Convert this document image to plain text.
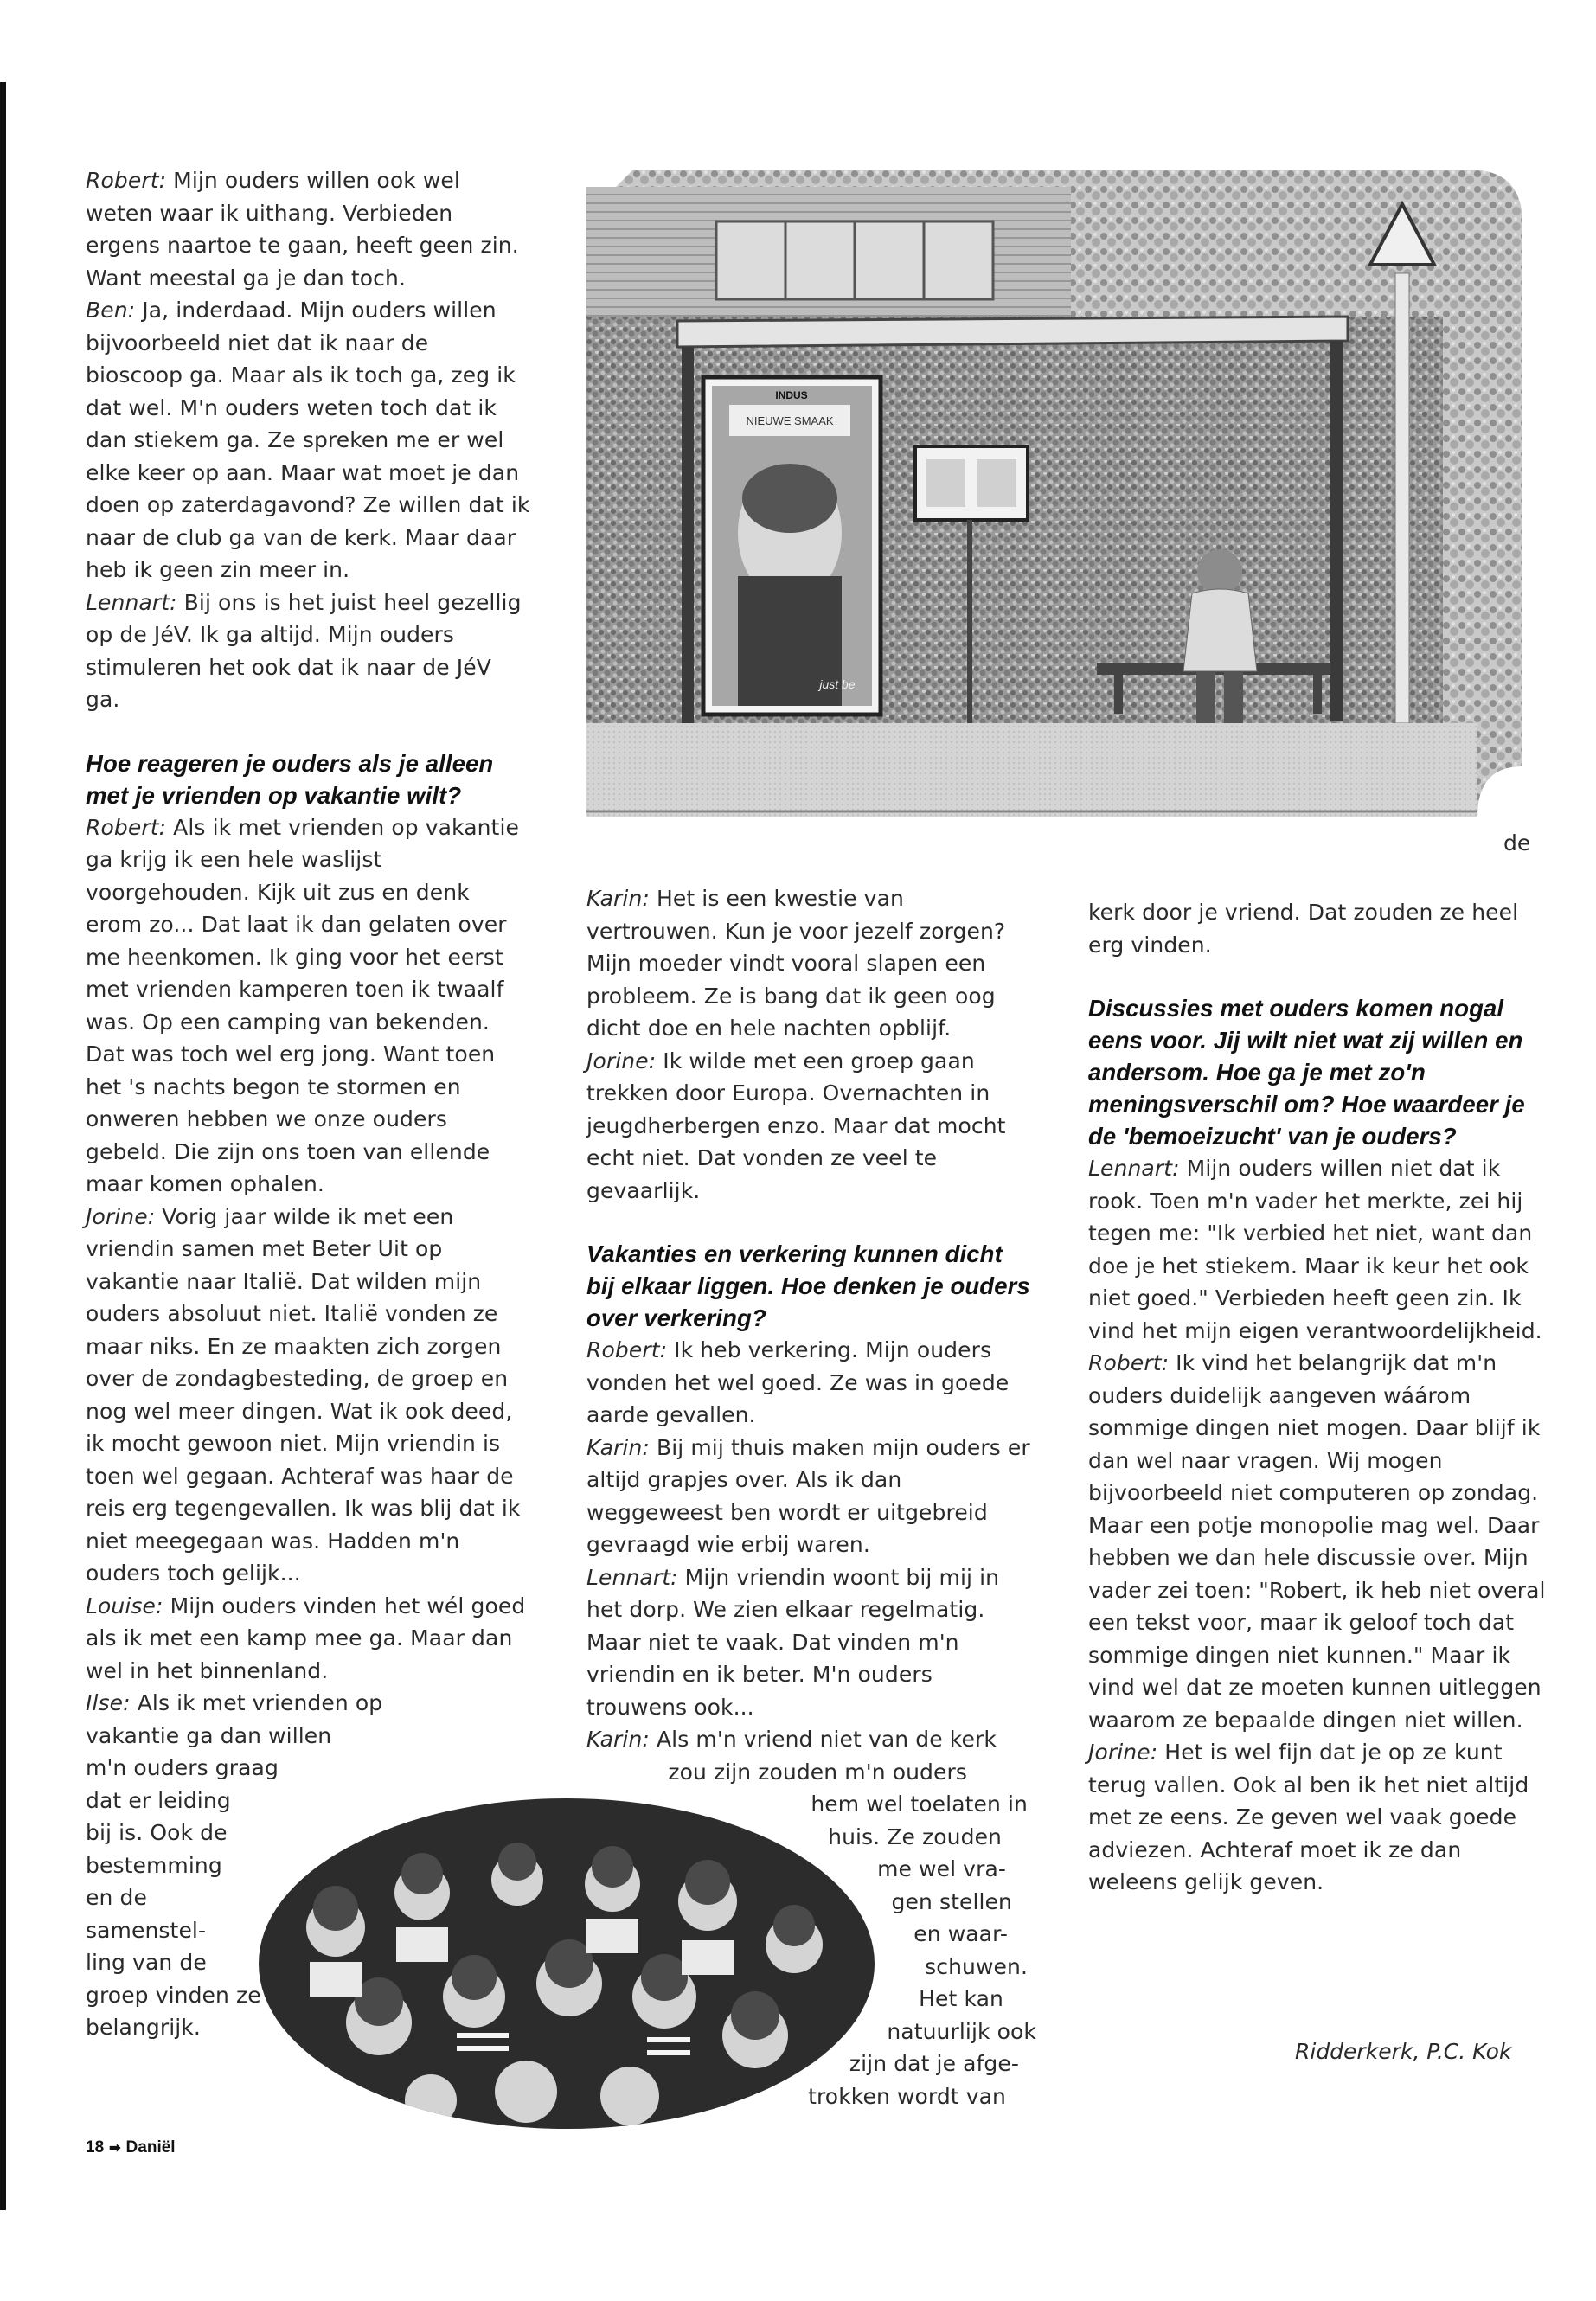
INDUS
NIEUWE SMAAK
just be

Robert: Mijn ouders willen ook wel weten waar ik uithang. Verbieden ergens naartoe te gaan, heeft geen zin. Want meestal ga je dan toch.

Ben: Ja, inderdaad. Mijn ouders willen bijvoorbeeld niet dat ik naar de bioscoop ga. Maar als ik toch ga, zeg ik dat wel. M'n ouders weten toch dat ik dan stiekem ga. Ze spreken me er wel elke keer op aan. Maar wat moet je dan doen op zaterdagavond? Ze willen dat ik naar de club ga van de kerk. Maar daar heb ik geen zin meer in.

Lennart: Bij ons is het juist heel gezellig op de JéV. Ik ga altijd. Mijn ouders stimuleren het ook dat ik naar de JéV ga.

Hoe reageren je ouders als je alleen met je vrienden op vakantie wilt?

Robert: Als ik met vrienden op vakantie ga krijg ik een hele waslijst voorgehouden. Kijk uit zus en denk erom zo... Dat laat ik dan gelaten over me heenkomen. Ik ging voor het eerst met vrienden kamperen toen ik twaalf was. Op een camping van bekenden. Dat was toch wel erg jong. Want toen het 's nachts begon te stormen en onweren hebben we onze ouders gebeld. Die zijn ons toen van ellende maar komen ophalen.

Jorine: Vorig jaar wilde ik met een vriendin samen met Beter Uit op vakantie naar Italië. Dat wilden mijn ouders absoluut niet. Italië vonden ze maar niks. En ze maakten zich zorgen over de zondagbesteding, de groep en nog wel meer dingen. Wat ik ook deed, ik mocht gewoon niet. Mijn vriendin is toen wel gegaan. Achteraf was haar de reis erg tegengevallen. Ik was blij dat ik niet meegegaan was. Hadden m'n ouders toch gelijk...

Louise: Mijn ouders vinden het wél goed als ik met een kamp mee ga. Maar dan wel in het binnenland.

Ilse: Als ik met vrienden op
vakantie ga dan willen
m'n ouders graag
dat er leiding
bij is. Ook de
bestemming
en de
samenstel-
ling van de
groep vinden ze
belangrijk.

Karin: Het is een kwestie van vertrouwen. Kun je voor jezelf zorgen? Mijn moeder vindt vooral slapen een probleem. Ze is bang dat ik geen oog dicht doe en hele nachten opblijf.

Jorine: Ik wilde met een groep gaan trekken door Europa. Overnachten in jeugdherbergen enzo. Maar dat mocht echt niet. Dat vonden ze veel te gevaarlijk.

Vakanties en verkering kunnen dicht bij elkaar liggen. Hoe denken je ouders over verkering?

Robert: Ik heb verkering. Mijn ouders vonden het wel goed. Ze was in goede aarde gevallen.

Karin: Bij mij thuis maken mijn ouders er altijd grapjes over. Als ik dan weggeweest ben wordt er uitgebreid gevraagd wie erbij waren.

Lennart: Mijn vriendin woont bij mij in het dorp. We zien elkaar regelmatig. Maar niet te vaak. Dat vinden m'n vriendin en ik beter. M'n ouders trouwens ook...

Karin: Als m'n vriend niet van de kerk
zou zijn zouden m'n ouders
hem wel toelaten in
huis. Ze zouden
me wel vra-
gen stellen
en waar-
schuwen.
Het kan
natuurlijk ook
zijn dat je afge-
trokken wordt van
de

kerk door je vriend. Dat zouden ze heel erg vinden.

Discussies met ouders komen nogal eens voor. Jij wilt niet wat zij willen en andersom. Hoe ga je met zo'n meningsverschil om? Hoe waardeer je de 'bemoeizucht' van je ouders?

Lennart: Mijn ouders willen niet dat ik rook. Toen m'n vader het merkte, zei hij tegen me: "Ik verbied het niet, want dan doe je het stiekem. Maar ik keur het ook niet goed." Verbieden heeft geen zin. Ik vind het mijn eigen verantwoordelijkheid.

Robert: Ik vind het belangrijk dat m'n ouders duidelijk aangeven wáárom sommige dingen niet mogen. Daar blijf ik dan wel naar vragen. Wij mogen bijvoorbeeld niet computeren op zondag. Maar een potje monopolie mag wel. Daar hebben we dan hele discussie over. Mijn vader zei toen: "Robert, ik heb niet overal een tekst voor, maar ik geloof toch dat sommige dingen niet kunnen." Maar ik vind wel dat ze moeten kunnen uitleggen waarom ze bepaalde dingen niet willen.

Jorine: Het is wel fijn dat je op ze kunt terug vallen. Ook al ben ik het niet altijd met ze eens. Ze geven wel vaak goede adviezen. Achteraf moet ik ze dan weleens gelijk geven.

Ridderkerk, P.C. Kok
18 ➡ Daniël
